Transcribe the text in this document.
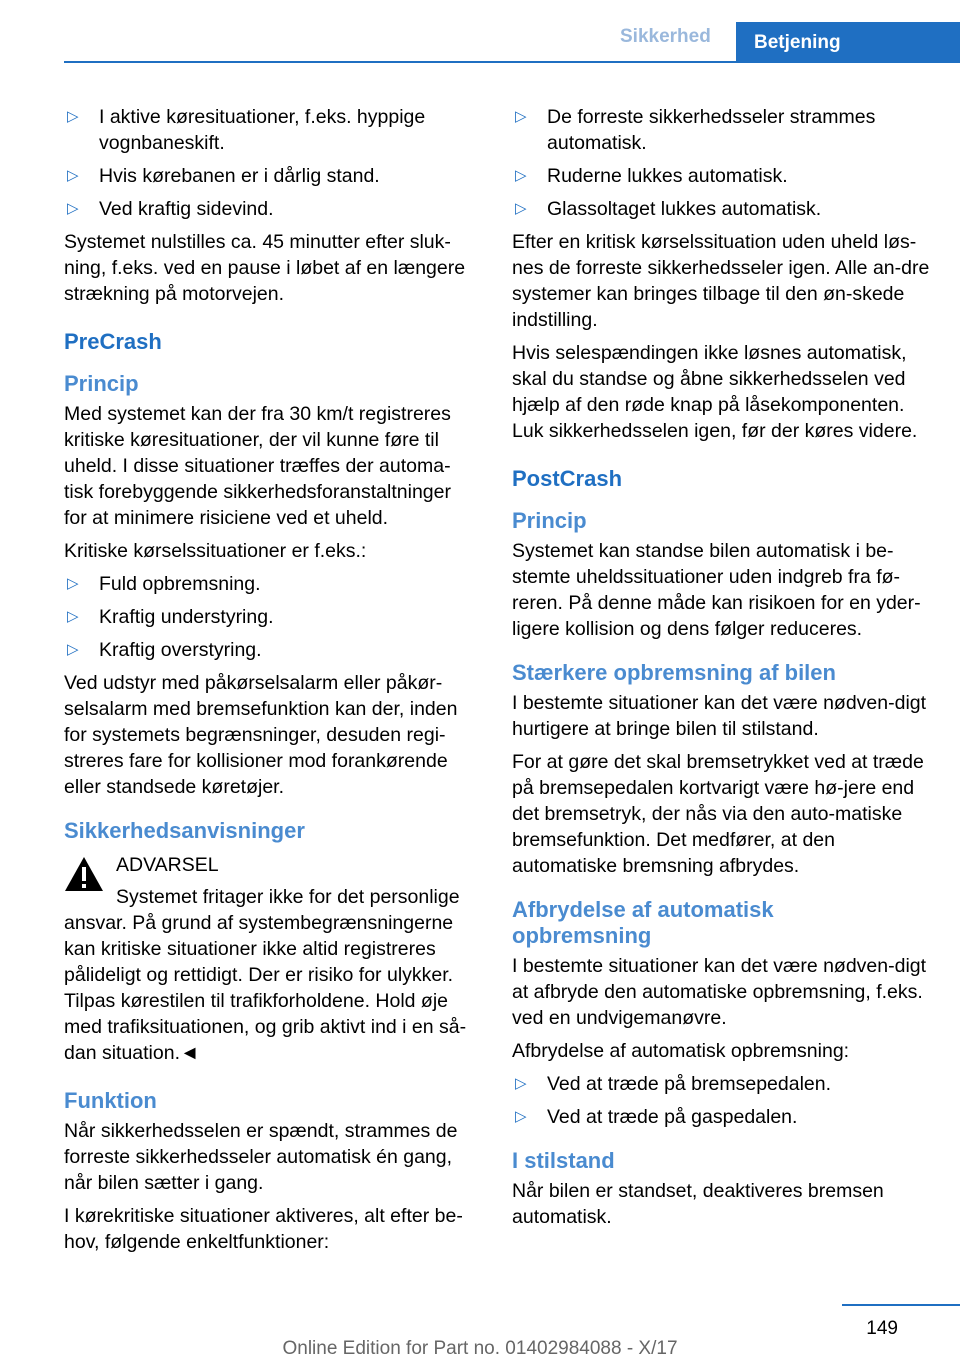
Sikkerhed	Betjening
▷ I aktive køresituationer, f.eks. hyppige vognbaneskift.
▷ Hvis kørebanen er i dårlig stand.
▷ Ved kraftig sidevind.
Systemet nulstilles ca. 45 minutter efter sluk-ning, f.eks. ved en pause i løbet af en længere strækning på motorvejen.
PreCrash
Princip
Med systemet kan der fra 30 km/t registreres kritiske køresituationer, der vil kunne føre til uheld. I disse situationer træffes der automa-tisk forebyggende sikkerhedsforanstaltninger for at minimere risiciene ved et uheld.
Kritiske kørselssituationer er f.eks.:
▷ Fuld opbremsning.
▷ Kraftig understyring.
▷ Kraftig overstyring.
Ved udstyr med påkørselsalarm eller påkør-selsalarm med bremsefunktion kan der, inden for systemets begrænsninger, desuden regi-streres fare for kollisioner mod forankørende eller standsede køretøjer.
Sikkerhedsanvisninger
ADVARSEL
Systemet fritager ikke for det personlige
ansvar. På grund af systembegrænsningerne kan kritiske situationer ikke altid registreres pålideligt og rettidigt. Der er risiko for ulykker. Tilpas kørestilen til trafikforholdene. Hold øje med trafiksituationen, og grib aktivt ind i en så-dan situation.◄
Funktion
Når sikkerhedsselen er spændt, strammes de forreste sikkerhedsseler automatisk én gang, når bilen sætter i gang.
I kørekritiske situationer aktiveres, alt efter be-hov, følgende enkeltfunktioner:
▷ De forreste sikkerhedsseler strammes automatisk.
▷ Ruderne lukkes automatisk.
▷ Glassoltaget lukkes automatisk.
Efter en kritisk kørselssituation uden uheld løs-nes de forreste sikkerhedsseler igen. Alle an-dre systemer kan bringes tilbage til den øn-skede indstilling.
Hvis selespændingen ikke løsnes automatisk, skal du standse og åbne sikkerhedsselen ved hjælp af den røde knap på låsekomponenten. Luk sikkerhedsselen igen, før der køres videre.
PostCrash
Princip
Systemet kan standse bilen automatisk i be-stemte uheldssituationer uden indgreb fra fø-reren. På denne måde kan risikoen for en yder-ligere kollision og dens følger reduceres.
Stærkere opbremsning af bilen
I bestemte situationer kan det være nødven-digt hurtigere at bringe bilen til stilstand.
For at gøre det skal bremsetrykket ved at træde på bremsepedalen kortvarigt være hø-jere end det bremsetryk, der nås via den auto-matiske bremsefunktion. Det medfører, at den automatiske bremsning afbrydes.
Afbrydelse af automatisk opbremsning
I bestemte situationer kan det være nødven-digt at afbryde den automatiske opbremsning, f.eks. ved en undvigemanøvre.
Afbrydelse af automatisk opbremsning:
▷ Ved at træde på bremsepedalen.
▷ Ved at træde på gaspedalen.
I stilstand
Når bilen er standset, deaktiveres bremsen automatisk.
149
Online Edition for Part no. 01402984088 - X/17
